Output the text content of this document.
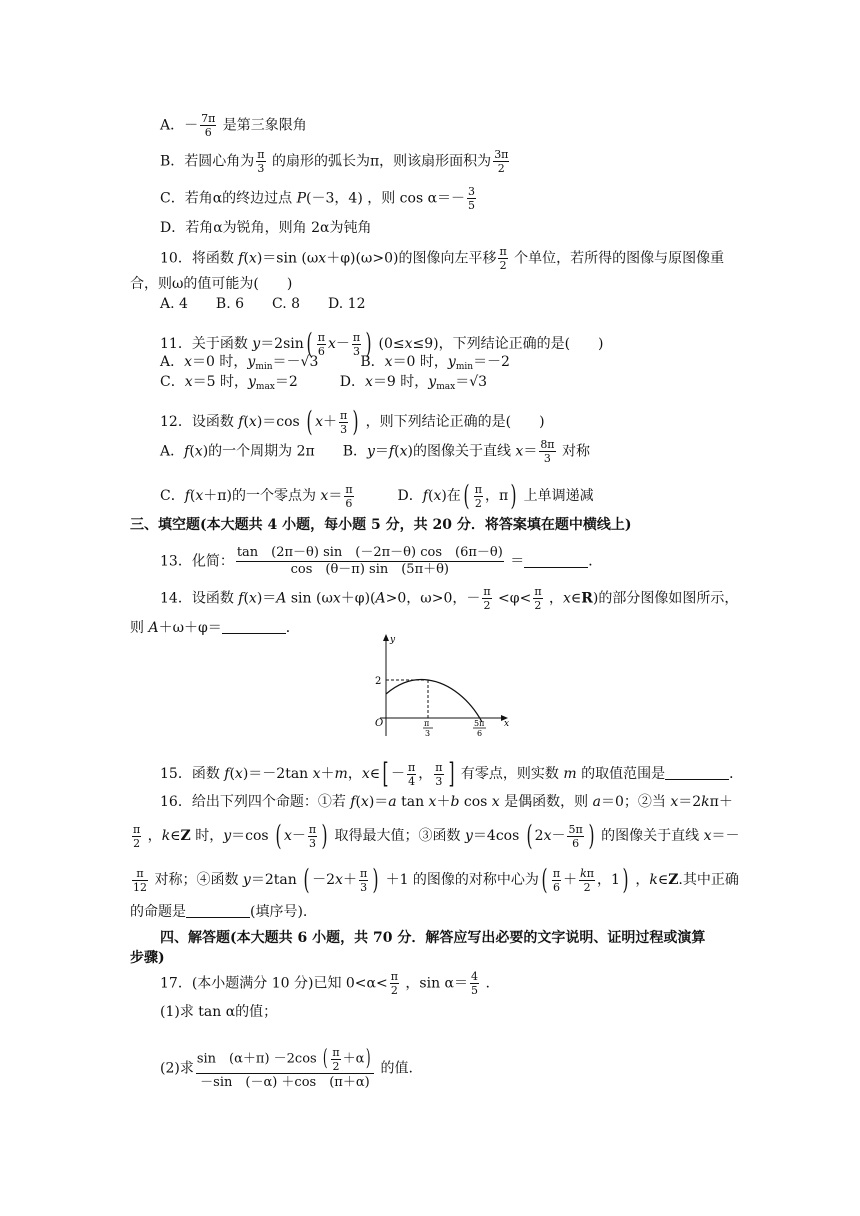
A．－ $\frac{7\pi}{6}$ 是第三象限角
B．若圆心角为 $\frac{\pi}{3}$ 的扇形的弧长为π，则该扇形面积为 $\frac{3\pi}{2}$
C．若角α的终边过点 P(－3，4) ，则 $\cos \alpha=- \frac{3}{5}$
D．若角α为锐角，则角 2α为钝角
10．将函数 f(x)＝sin (ωx＋φ)(ω>0)的图像向左平移 $\frac{\pi}{2}$ 个单位，若所得的图像与原图像重
合，则ω的值可能为(　　)
A. 4　　B. 6　　C. 8　　D. 12
11．关于函数 $y=2\sin( \frac{\pi}{6} x- \frac{\pi}{3}$ ) (0≤x≤9)，下列结论正确的是(　　)
A．x＝0 时，$y_{min}=-√3$　　　B．x＝0 时，$y_{min}=-2$
C．x＝5 时，$y_{max}=2$　　　D．x＝9 时，$y_{max}=√3$
12．设函数 f(x)＝cos ( $x+ \frac{\pi}{3}$ ) ，则下列结论正确的是(　　)
A．f(x)的一个周期为 2π　　B．y＝f(x)的图像关于直线 $x= \frac{8\pi}{3}$ 对称
C．f(x＋π)的一个零点为 $x= \frac{\pi}{6}$ 　　　D．f(x)在( $\frac{\pi}{2}$ ，π) 上单调递减
三、填空题(本大题共 4 小题，每小题 5 分，共 20 分．将答案填在题中横线上)
13．化简： $\frac{\tan (2\pi-\theta) \sin (-2\pi-\theta) \cos (6\pi-\theta)}{\cos (\theta-\pi) \sin (5\pi+\theta)}$ ＝	．
14．设函数 f(x)＝A sin (ωx＋φ)(A>0，ω>0，－ $\frac{\pi}{2} <\varphi< \frac{\pi}{2}$ ，x∈R)的部分图像如图所示，
则 A＋ω＋φ＝	．
y
x
O
2
π
3
5π
6
15．函数 f(x)＝－2tan x＋m，x∈[ － $\frac{\pi}{4}$ ， $\frac{\pi}{3}$ ] 有零点，则实数 m 的取值范围是	．
16．给出下列四个命题：①若 f(x)＝a tan x＋b cos x 是偶函数，则 a＝0；②当 x＝2kπ＋
$\frac{\pi}{2}$ ，k∈Z 时，y＝cos ( $x- \frac{\pi}{3}$ ) 取得最大值；③函数 y＝4cos ( $2x- \frac{5\pi}{6}$ ) 的图像关于直线 x＝－
$\frac{\pi}{12}$ 对称；④函数 y＝2tan ( $-2x+ \frac{\pi}{3}$ ) ＋1 的图像的对称中心为( $\frac{\pi}{6} + \frac{k\pi}{2}$ ，1) ，k∈Z.其中正确
的命题是	(填序号).
四、解答题(本大题共 6 小题，共 70 分．解答应写出必要的文字说明、证明过程或演算
步骤)
17．(本小题满分 10 分)已知 $0<\alpha< \frac{\pi}{2}$ ，$\sin \alpha= \frac{4}{5}$ .
(1)求 tan α的值；
(2)求 $\frac{\sin (\alpha+\pi) -2\cos ( \frac{\pi}{2} +\alpha)}{-\sin (-\alpha) +\cos (\pi+\alpha)}$ 的值.
